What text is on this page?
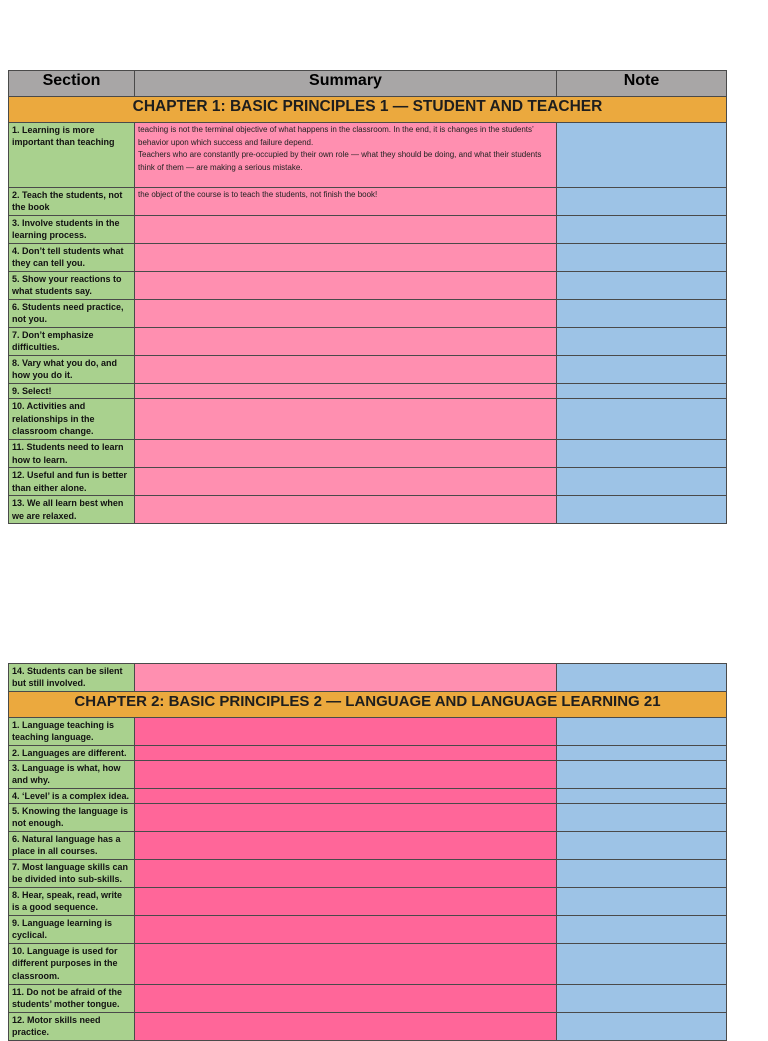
Section	Summary	Note
CHAPTER 1: BASIC PRINCIPLES 1 — STUDENT AND TEACHER		
1. Learning is more important than teaching	teaching is not the terminal objective of what happens in the classroom. In the end, it is changes in the students’ behavior upon which success and failure depend.
Teachers who are constantly pre-occupied by their own role — what they should be doing, and what their students think of them — are making a serious mistake.	
2. Teach the students, not the book	the object of the course is to teach the students, not finish the book!	
3. Involve students in the learning process.		
4. Don’t tell students what they can tell you.		
5. Show your reactions to what students say.		
6. Students need practice, not you.		
7. Don’t emphasize difficulties.		
8. Vary what you do, and how you do it.		
9. Select!		
10. Activities and relationships in the classroom change.		
11. Students need to learn how to learn.		
12. Useful and fun is better than either alone.		
13. We all learn best when we are relaxed.		
14. Students can be silent but still involved.		
CHAPTER 2: BASIC PRINCIPLES 2 — LANGUAGE AND LANGUAGE LEARNING 21		
1. Language teaching is teaching language.		
2. Languages are different.		
3. Language is what, how and why.		
4. ‘Level’ is a complex idea.		
5. Knowing the language is not enough.		
6. Natural language has a place in all courses.		
7. Most language skills can be divided into sub-skills.		
8. Hear, speak, read, write is a good sequence.		
9. Language learning is cyclical.		
10. Language is used for different purposes in the classroom.		
11. Do not be afraid of the students’ mother tongue.		
12. Motor skills need practice.		
